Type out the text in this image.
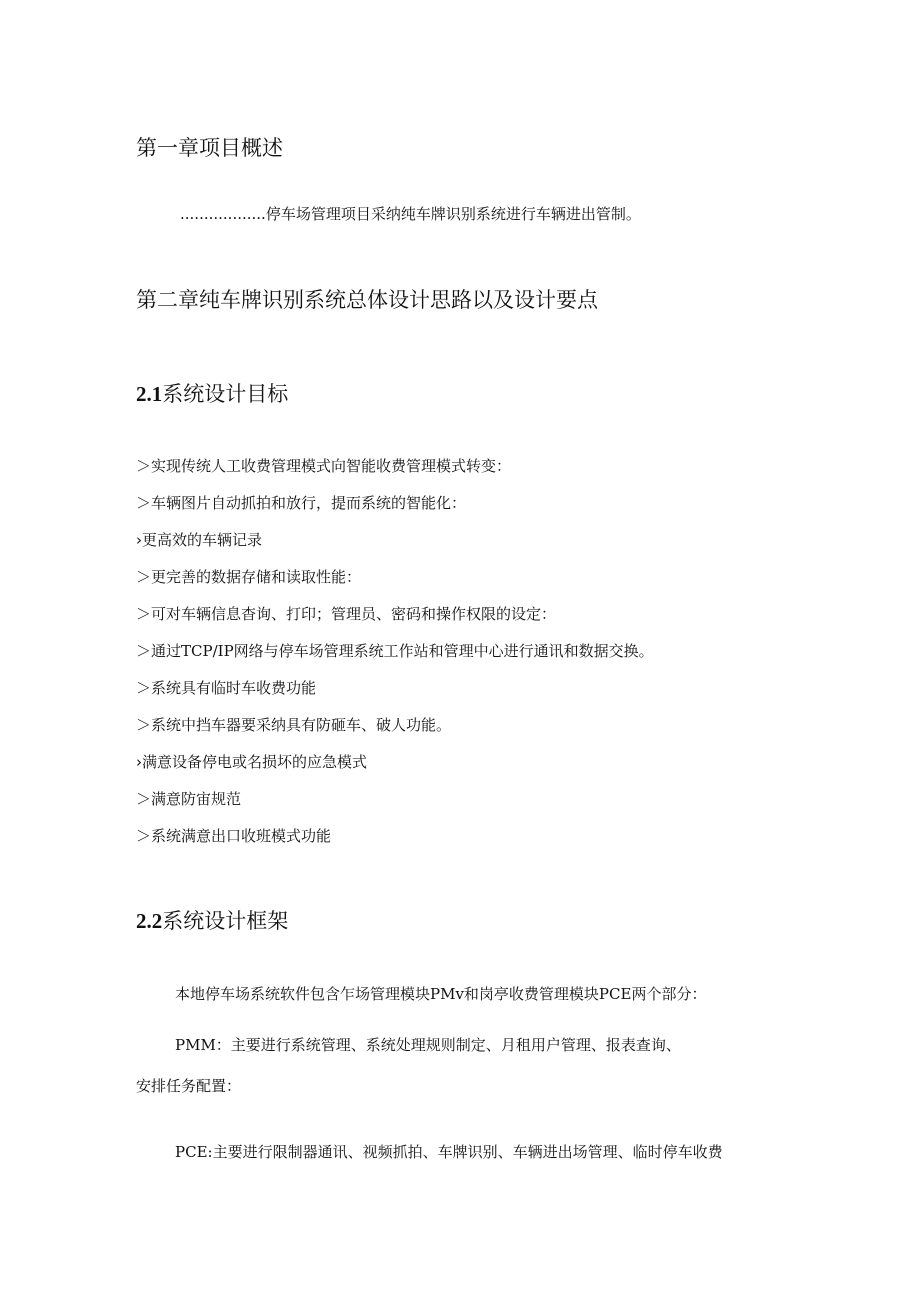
第一章项目概述

..................停车场管理项目采纳纯车牌识别系统进行车辆进出管制。

第二章纯车牌识别系统总体设计思路以及设计要点
2.1系统设计目标

＞实现传统人工收费管理模式向智能收费管理模式转变：

＞车辆图片自动抓拍和放行，提而系统的智能化：

›更高效的车辆记录

＞更完善的数据存储和读取性能：

＞可对车辆信息杳询、打印；管理员、密码和操作权限的设定：

＞通过TCP/IP网络与停车场管理系统工作站和管理中心进行通讯和数据交换。

＞系统具有临时车收费功能

＞系统中挡车器要采纳具有防砸车、破人功能。

›满意设备停电或名损坏的应急模式

＞满意防宙规范

＞系统满意出口收班模式功能

2.2系统设计框架

本地停车场系统软件包含乍场管理模块PMv和岗亭收费管理模块PCE两个部分：

PMM：主要进行系统管理、系统处理规则制定、月租用户管理、报表查询、

安排任务配置：

PCE:主要进行限制器通讯、视频抓拍、车牌识别、车辆进出场管理、临时停车收费
